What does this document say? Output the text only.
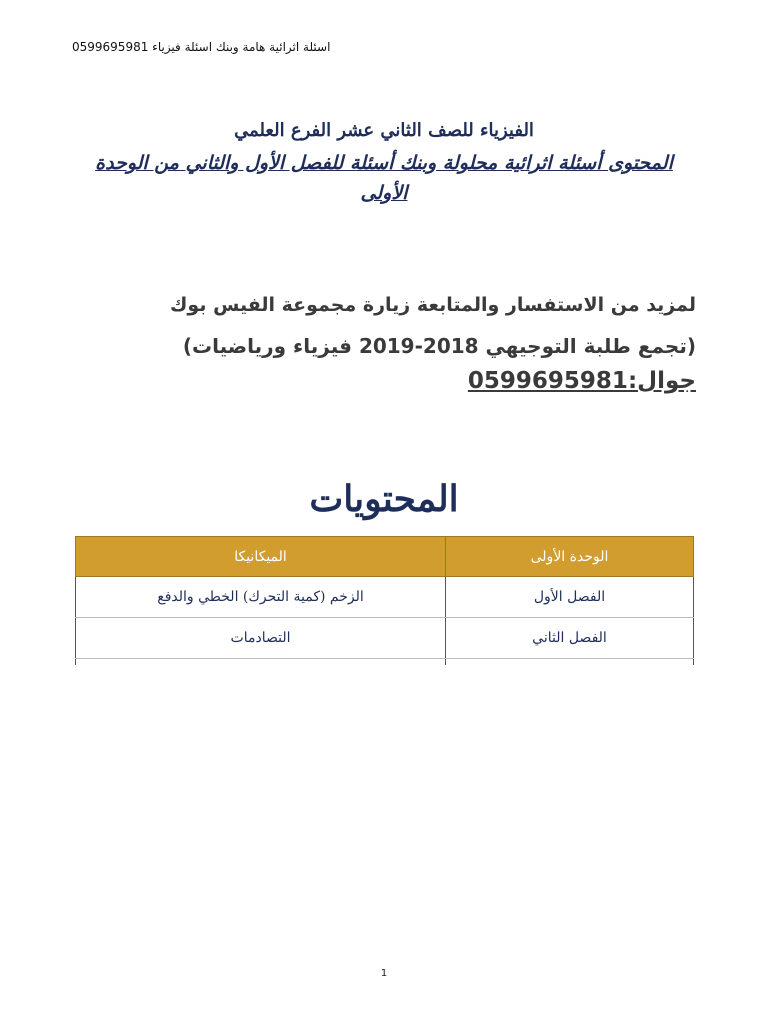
اسئلة اثرائية هامة وبنك اسئلة فيزياء 0599695981
الفيزياء للصف الثاني عشر الفرع العلمي
المحتوى أسئلة اثرائية محلولة وبنك أسئلة للفصل الأول والثاني من الوحدة الأولى
لمزيد من الاستفسار والمتابعة زيارة مجموعة الفيس بوك
(تجمع طلبة التوجيهي 2018-2019 فيزياء ورياضيات)
جوال:0599695981
المحتويات
الوحدة الأولى	الميكانيكا
الفصل الأول	الزخم (كمية التحرك) الخطي والدفع
الفصل الثاني	التصادمات

1
